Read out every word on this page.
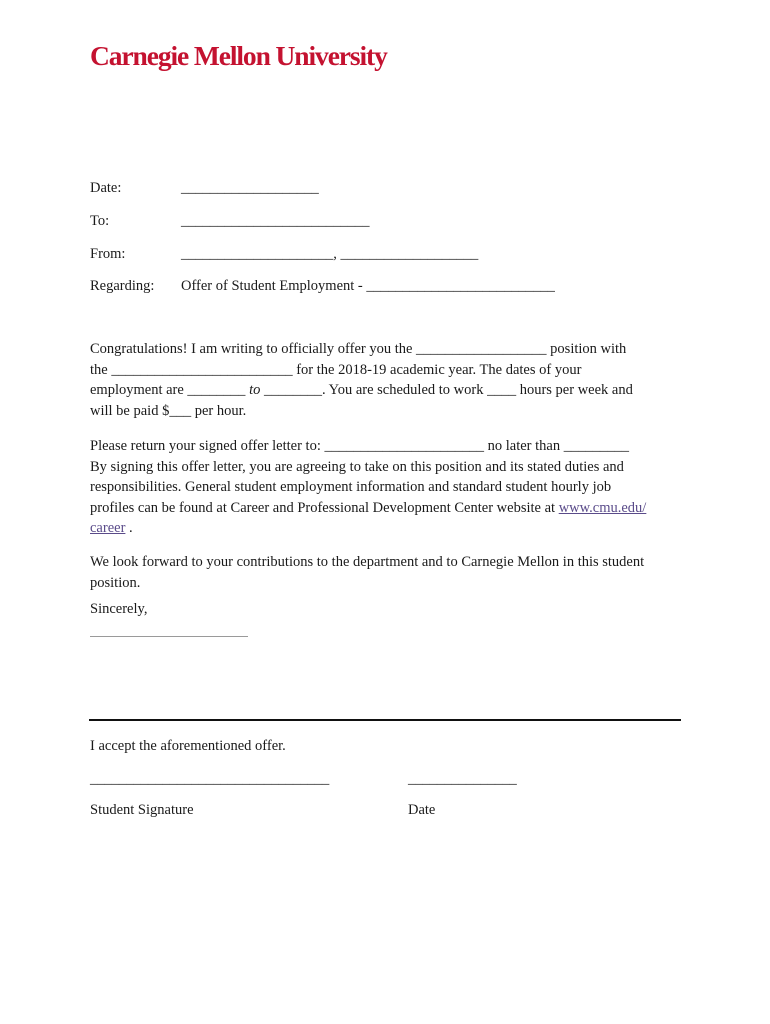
Carnegie Mellon University
Date:	___________________
To:	__________________________
From:	_____________________, ___________________
Regarding: Offer of Student Employment - __________________________
Congratulations! I am writing to officially offer you the __________________ position with
the _________________________ for the 2018-19 academic year. The dates of your
employment are ________ to ________. You are scheduled to work ____ hours per week and
will be paid $___ per hour.
Please return your signed offer letter to: ______________________ no later than _________
By signing this offer letter, you are agreeing to take on this position and its stated duties and
responsibilities. General student employment information and standard student hourly job
profiles can be found at Career and Professional Development Center website at www.cmu.edu/
career .
We look forward to your contributions to the department and to Carnegie Mellon in this student
position.
Sincerely,
I accept the aforementioned offer.
_________________________________	_______________
Student Signature	Date
